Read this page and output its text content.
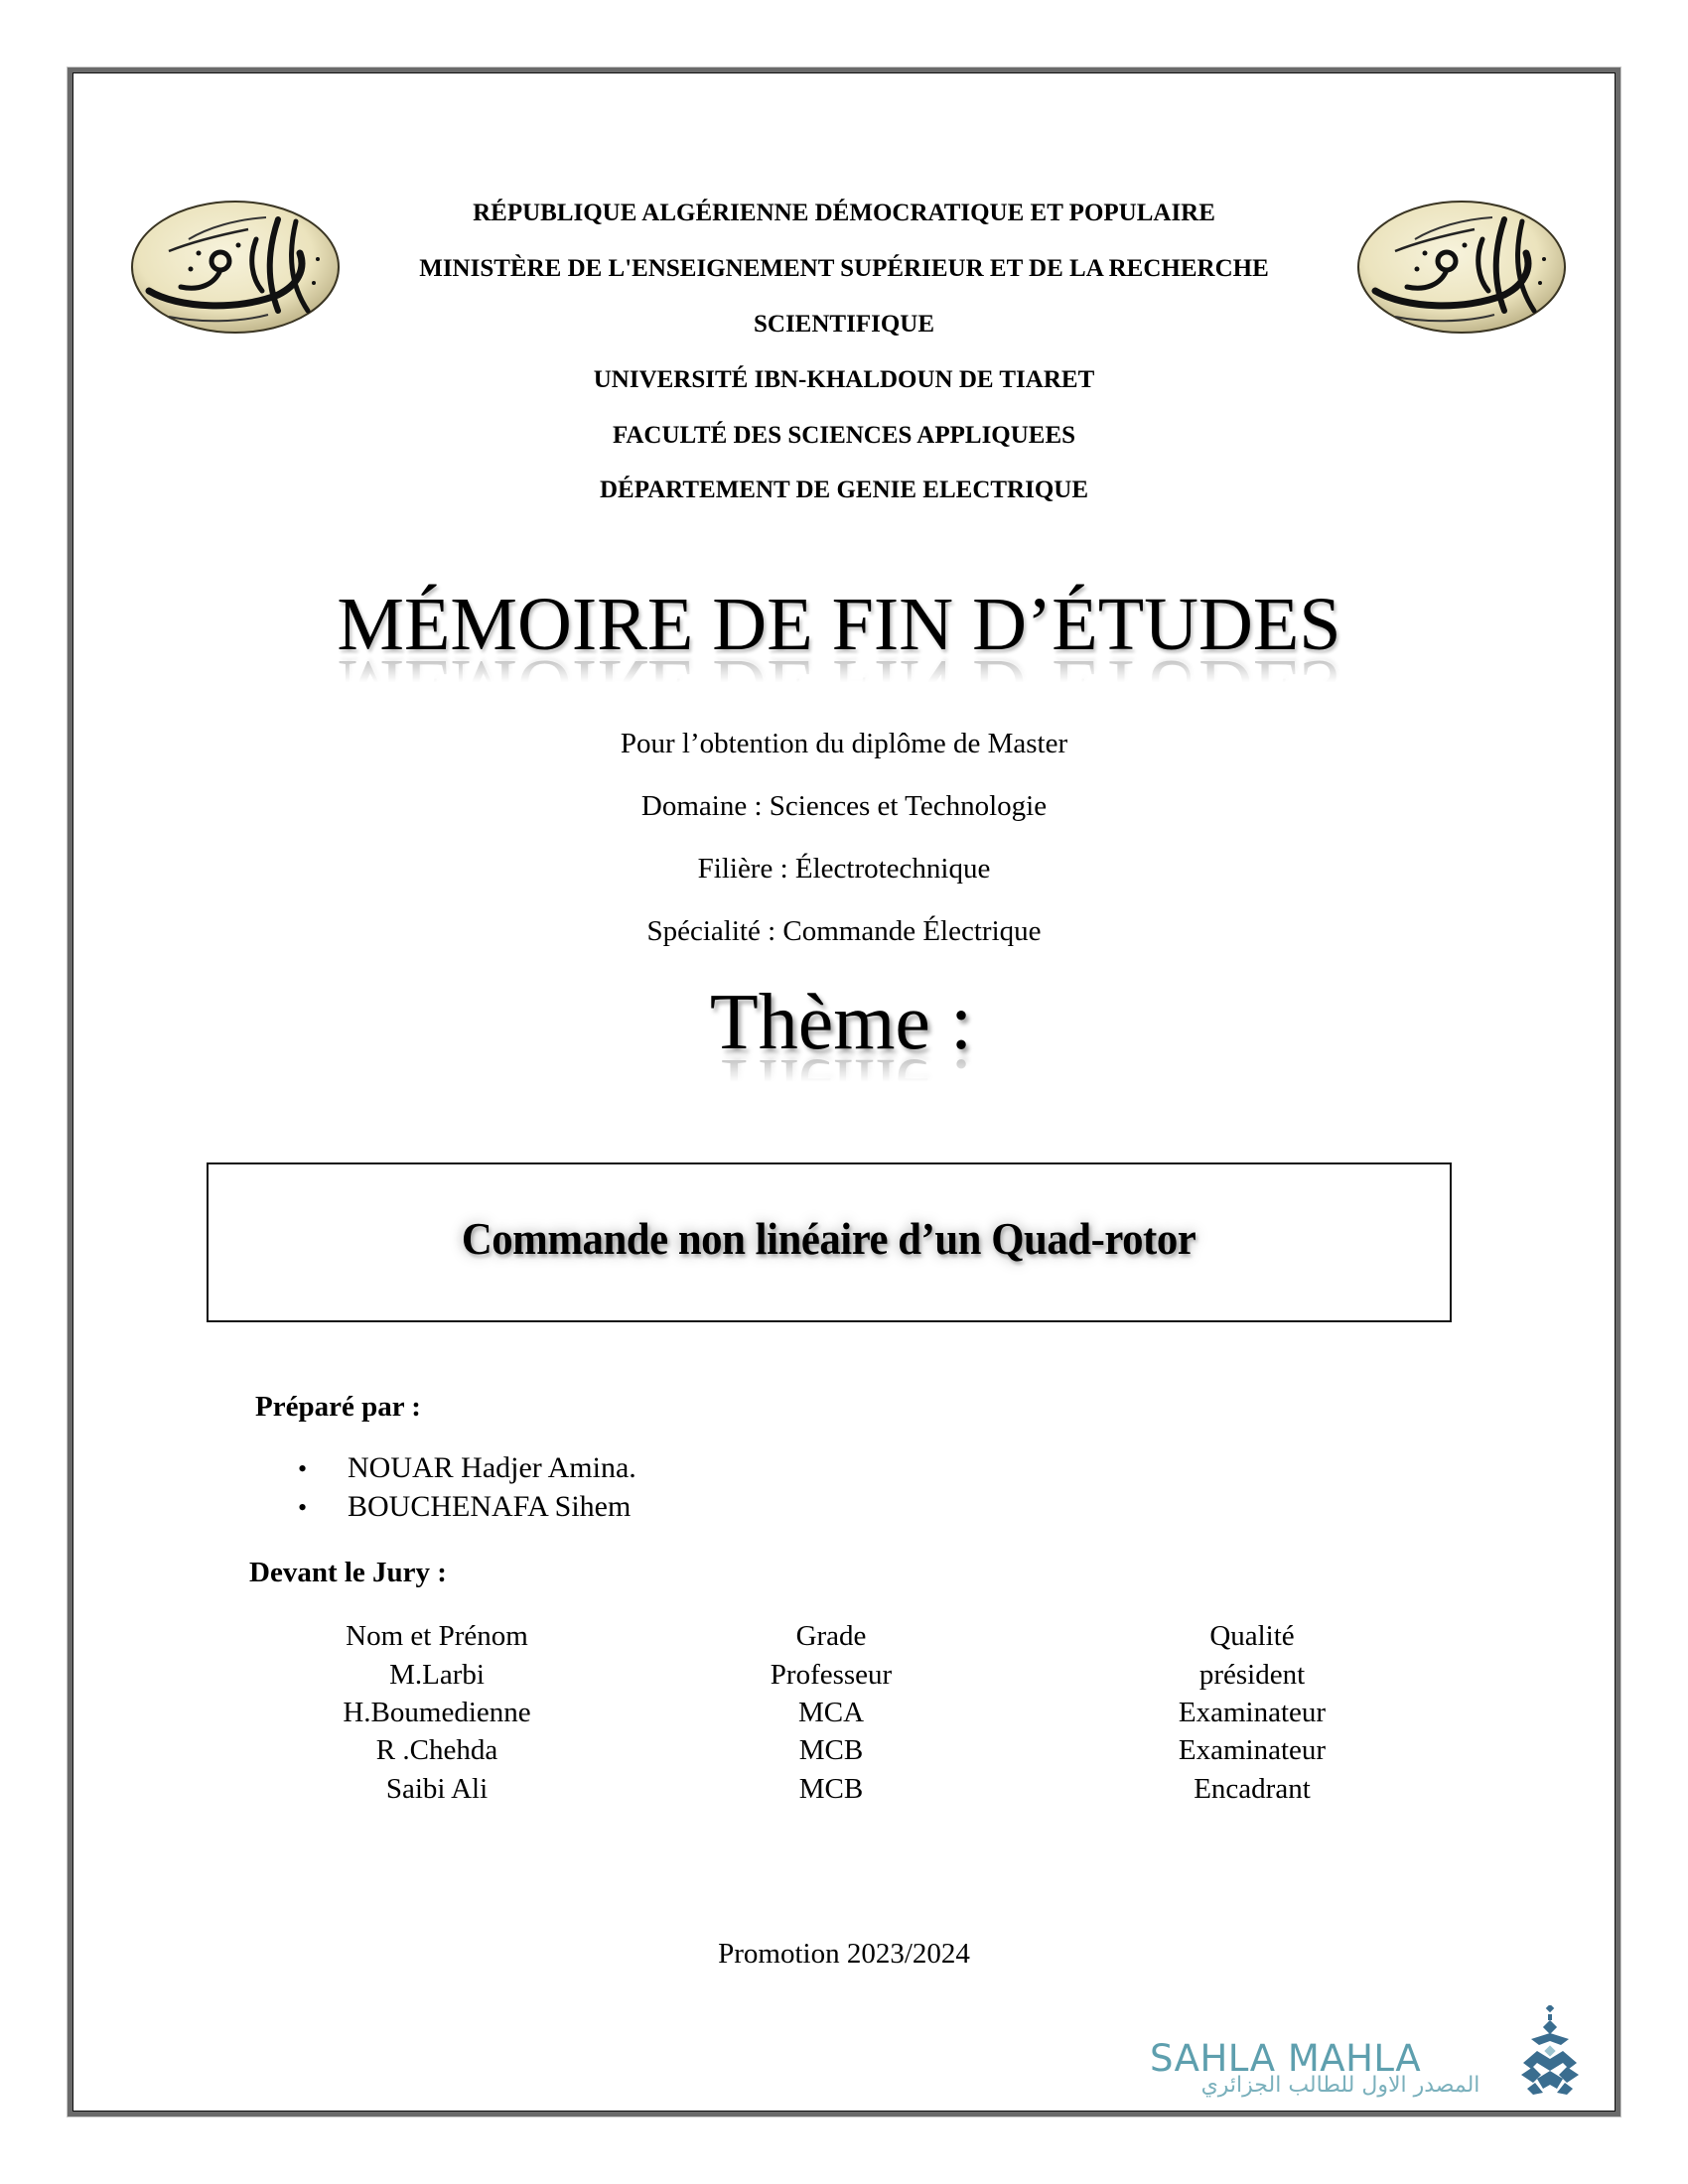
RÉPUBLIQUE ALGÉRIENNE DÉMOCRATIQUE ET POPULAIRE
MINISTÈRE DE L'ENSEIGNEMENT SUPÉRIEUR ET DE LA RECHERCHE
SCIENTIFIQUE
UNIVERSITÉ IBN-KHALDOUN DE TIARET
FACULTÉ DES SCIENCES APPLIQUEES
DÉPARTEMENT DE GENIE ELECTRIQUE
MÉMOIRE DE FIN D’ÉTUDES
Pour l’obtention du diplôme de Master
Domaine : Sciences et Technologie
Filière : Électrotechnique
Spécialité : Commande Électrique
Thème :
Commande non linéaire d’un Quad-rotor
Préparé par :
•	NOUAR Hadjer Amina.
•	BOUCHENAFA Sihem
Devant le Jury :
Nom et Prénom	Grade	Qualité
M.Larbi	Professeur	président
H.Boumedienne	MCA	Examinateur
R .Chehda	MCB	Examinateur
Saibi Ali	MCB	Encadrant
Promotion 2023/2024
SAHLA MAHLA
المصدر الاول للطالب الجزائري
